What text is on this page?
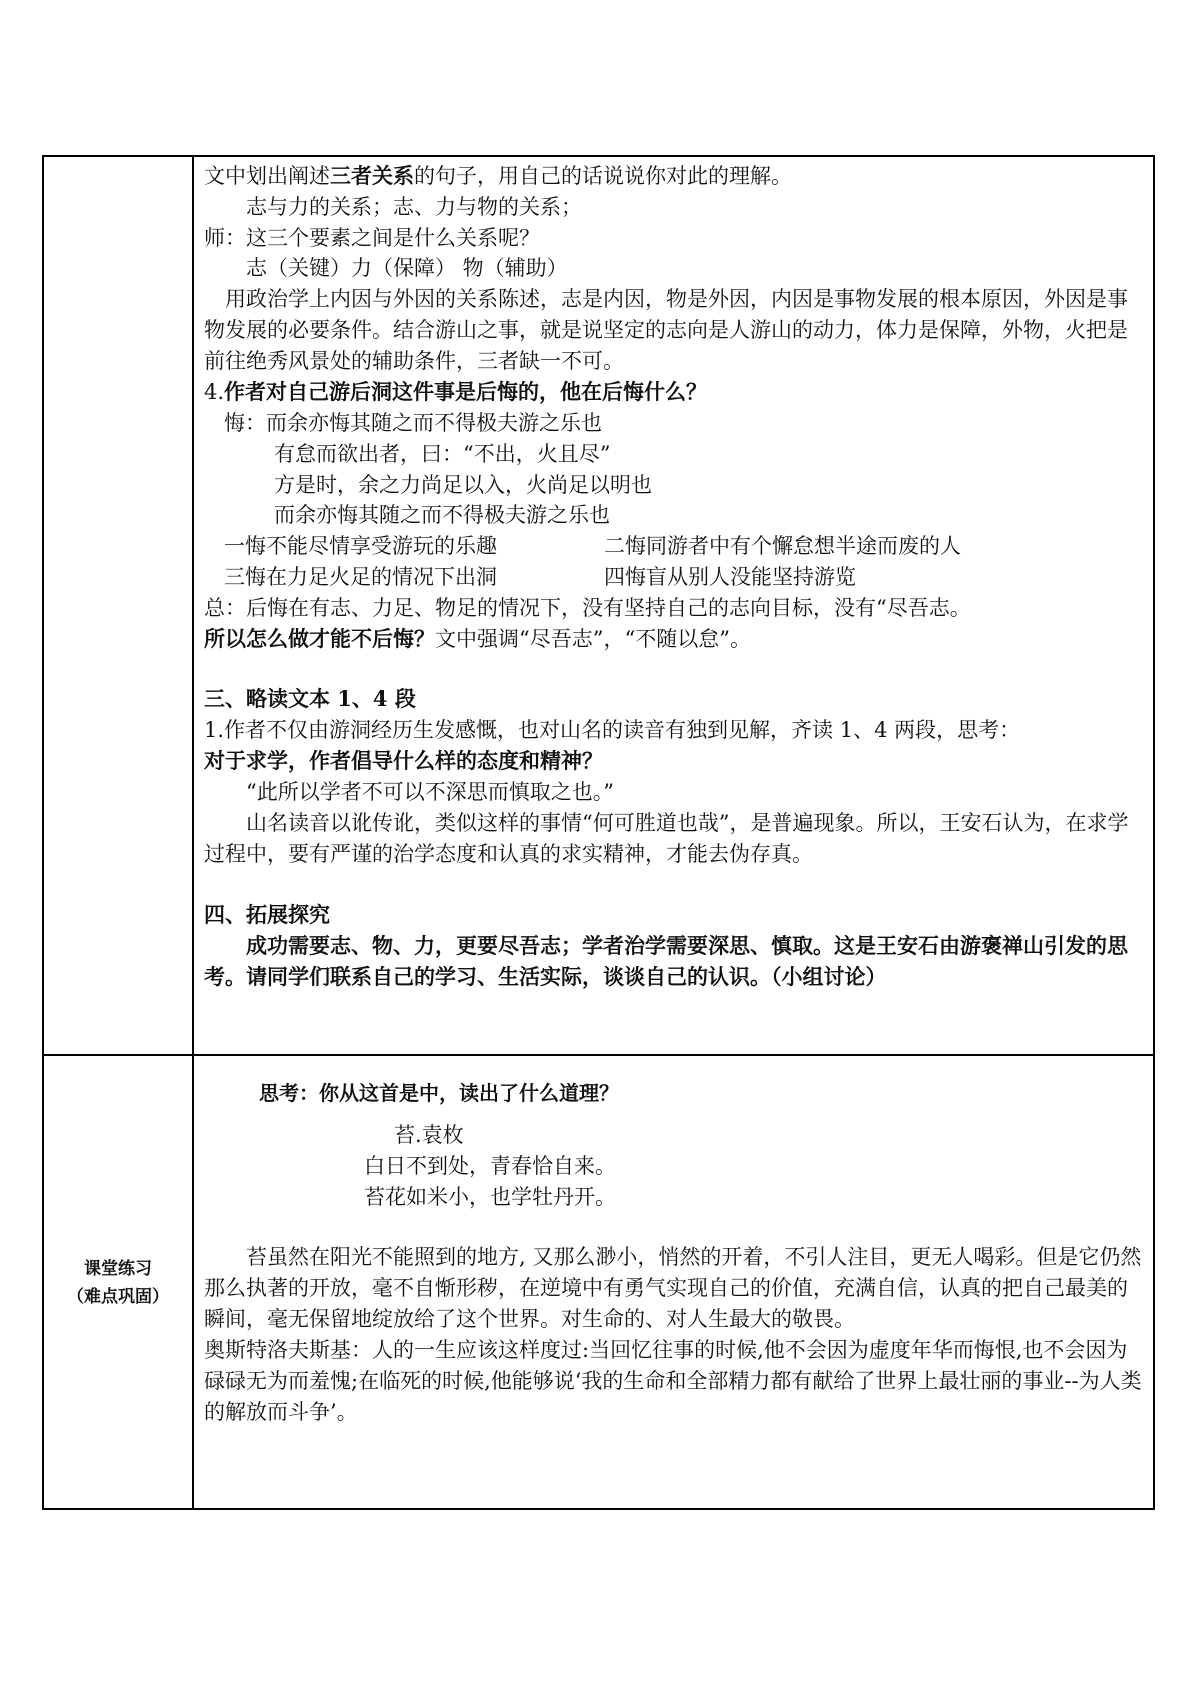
文中划出阐述三者关系的句子，用自己的话说说你对此的理解。
志与力的关系；志、力与物的关系；
师：这三个要素之间是什么关系呢？
志（关键）力（保障） 物（辅助）
用政治学上内因与外因的关系陈述，志是内因，物是外因，内因是事物发展的根本原因，外因是事物发展的必要条件。结合游山之事，就是说坚定的志向是人游山的动力，体力是保障，外物，火把是前往绝秀风景处的辅助条件，三者缺一不可。
4.作者对自己游后洞这件事是后悔的，他在后悔什么？
悔：而余亦悔其随之而不得极夫游之乐也
有怠而欲出者，曰：“不出，火且尽”
方是时，余之力尚足以入，火尚足以明也
而余亦悔其随之而不得极夫游之乐也
一悔不能尽情享受游玩的乐趣	二悔同游者中有个懈怠想半途而废的人
三悔在力足火足的情况下出洞	四悔盲从别人没能坚持游览
总：后悔在有志、力足、物足的情况下，没有坚持自己的志向目标，没有“尽吾志。
所以怎么做才能不后悔？文中强调“尽吾志”，“不随以怠”。
三、略读文本 1、4 段
1.作者不仅由游洞经历生发感慨，也对山名的读音有独到见解，齐读 1、4 两段，思考：
对于求学，作者倡导什么样的态度和精神？
“此所以学者不可以不深思而慎取之也。”
山名读音以讹传讹，类似这样的事情“何可胜道也哉”，是普遍现象。所以，王安石认为，在求学过程中，要有严谨的治学态度和认真的求实精神，才能去伪存真。
四、拓展探究
成功需要志、物、力，更要尽吾志；学者治学需要深思、慎取。这是王安石由游褒禅山引发的思考。请同学们联系自己的学习、生活实际，谈谈自己的认识。（小组讨论）
课堂练习
（难点巩固）
思考：你从这首是中，读出了什么道理？
苔.袁枚
白日不到处，青春恰自来。
苔花如米小，也学牡丹开。
苔虽然在阳光不能照到的地方, 又那么渺小，悄然的开着，不引人注目，更无人喝彩。但是它仍然那么执著的开放，毫不自惭形秽，在逆境中有勇气实现自己的价值，充满自信，认真的把自己最美的瞬间，毫无保留地绽放给了这个世界。对生命的、对人生最大的敬畏。
奥斯特洛夫斯基：人的一生应该这样度过:当回忆往事的时候,他不会因为虚度年华而悔恨,也不会因为碌碌无为而羞愧;在临死的时候,他能够说‘我的生命和全部精力都有献给了世界上最壮丽的事业--为人类的解放而斗争’。
